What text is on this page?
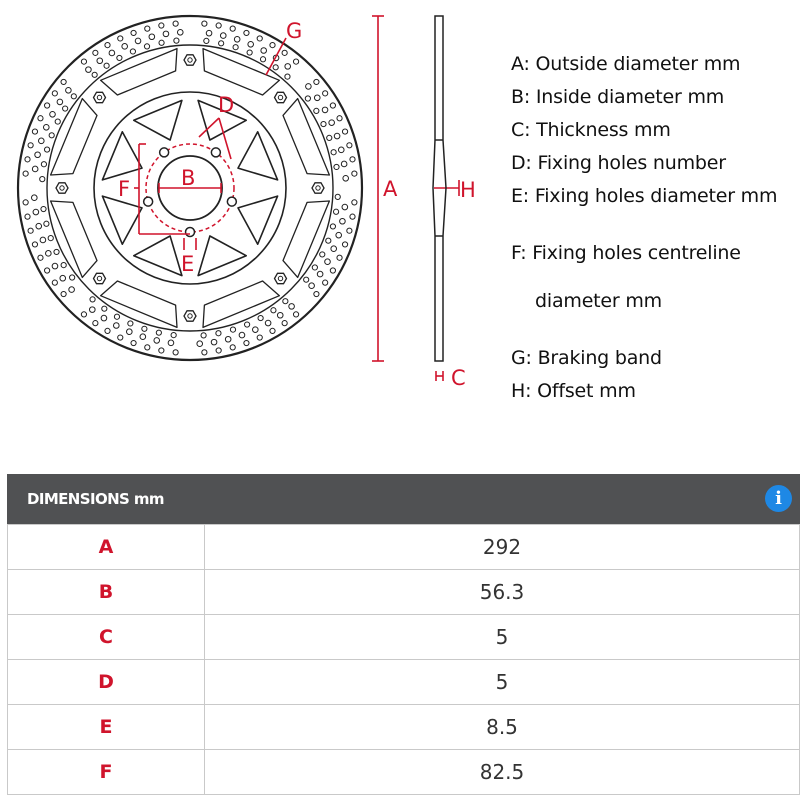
A
B
C
D
E
F
G
H
A: Outside diameter mm
B: Inside diameter mm
C: Thickness mm
D: Fixing holes number
E: Fixing holes diameter mm

F: Fixing holes centreline

diameter mm

G: Braking band
H: Offset mm
DIMENSIONS mm	i
A	292
B	56.3
C	5
D	5
E	8.5
F	82.5
